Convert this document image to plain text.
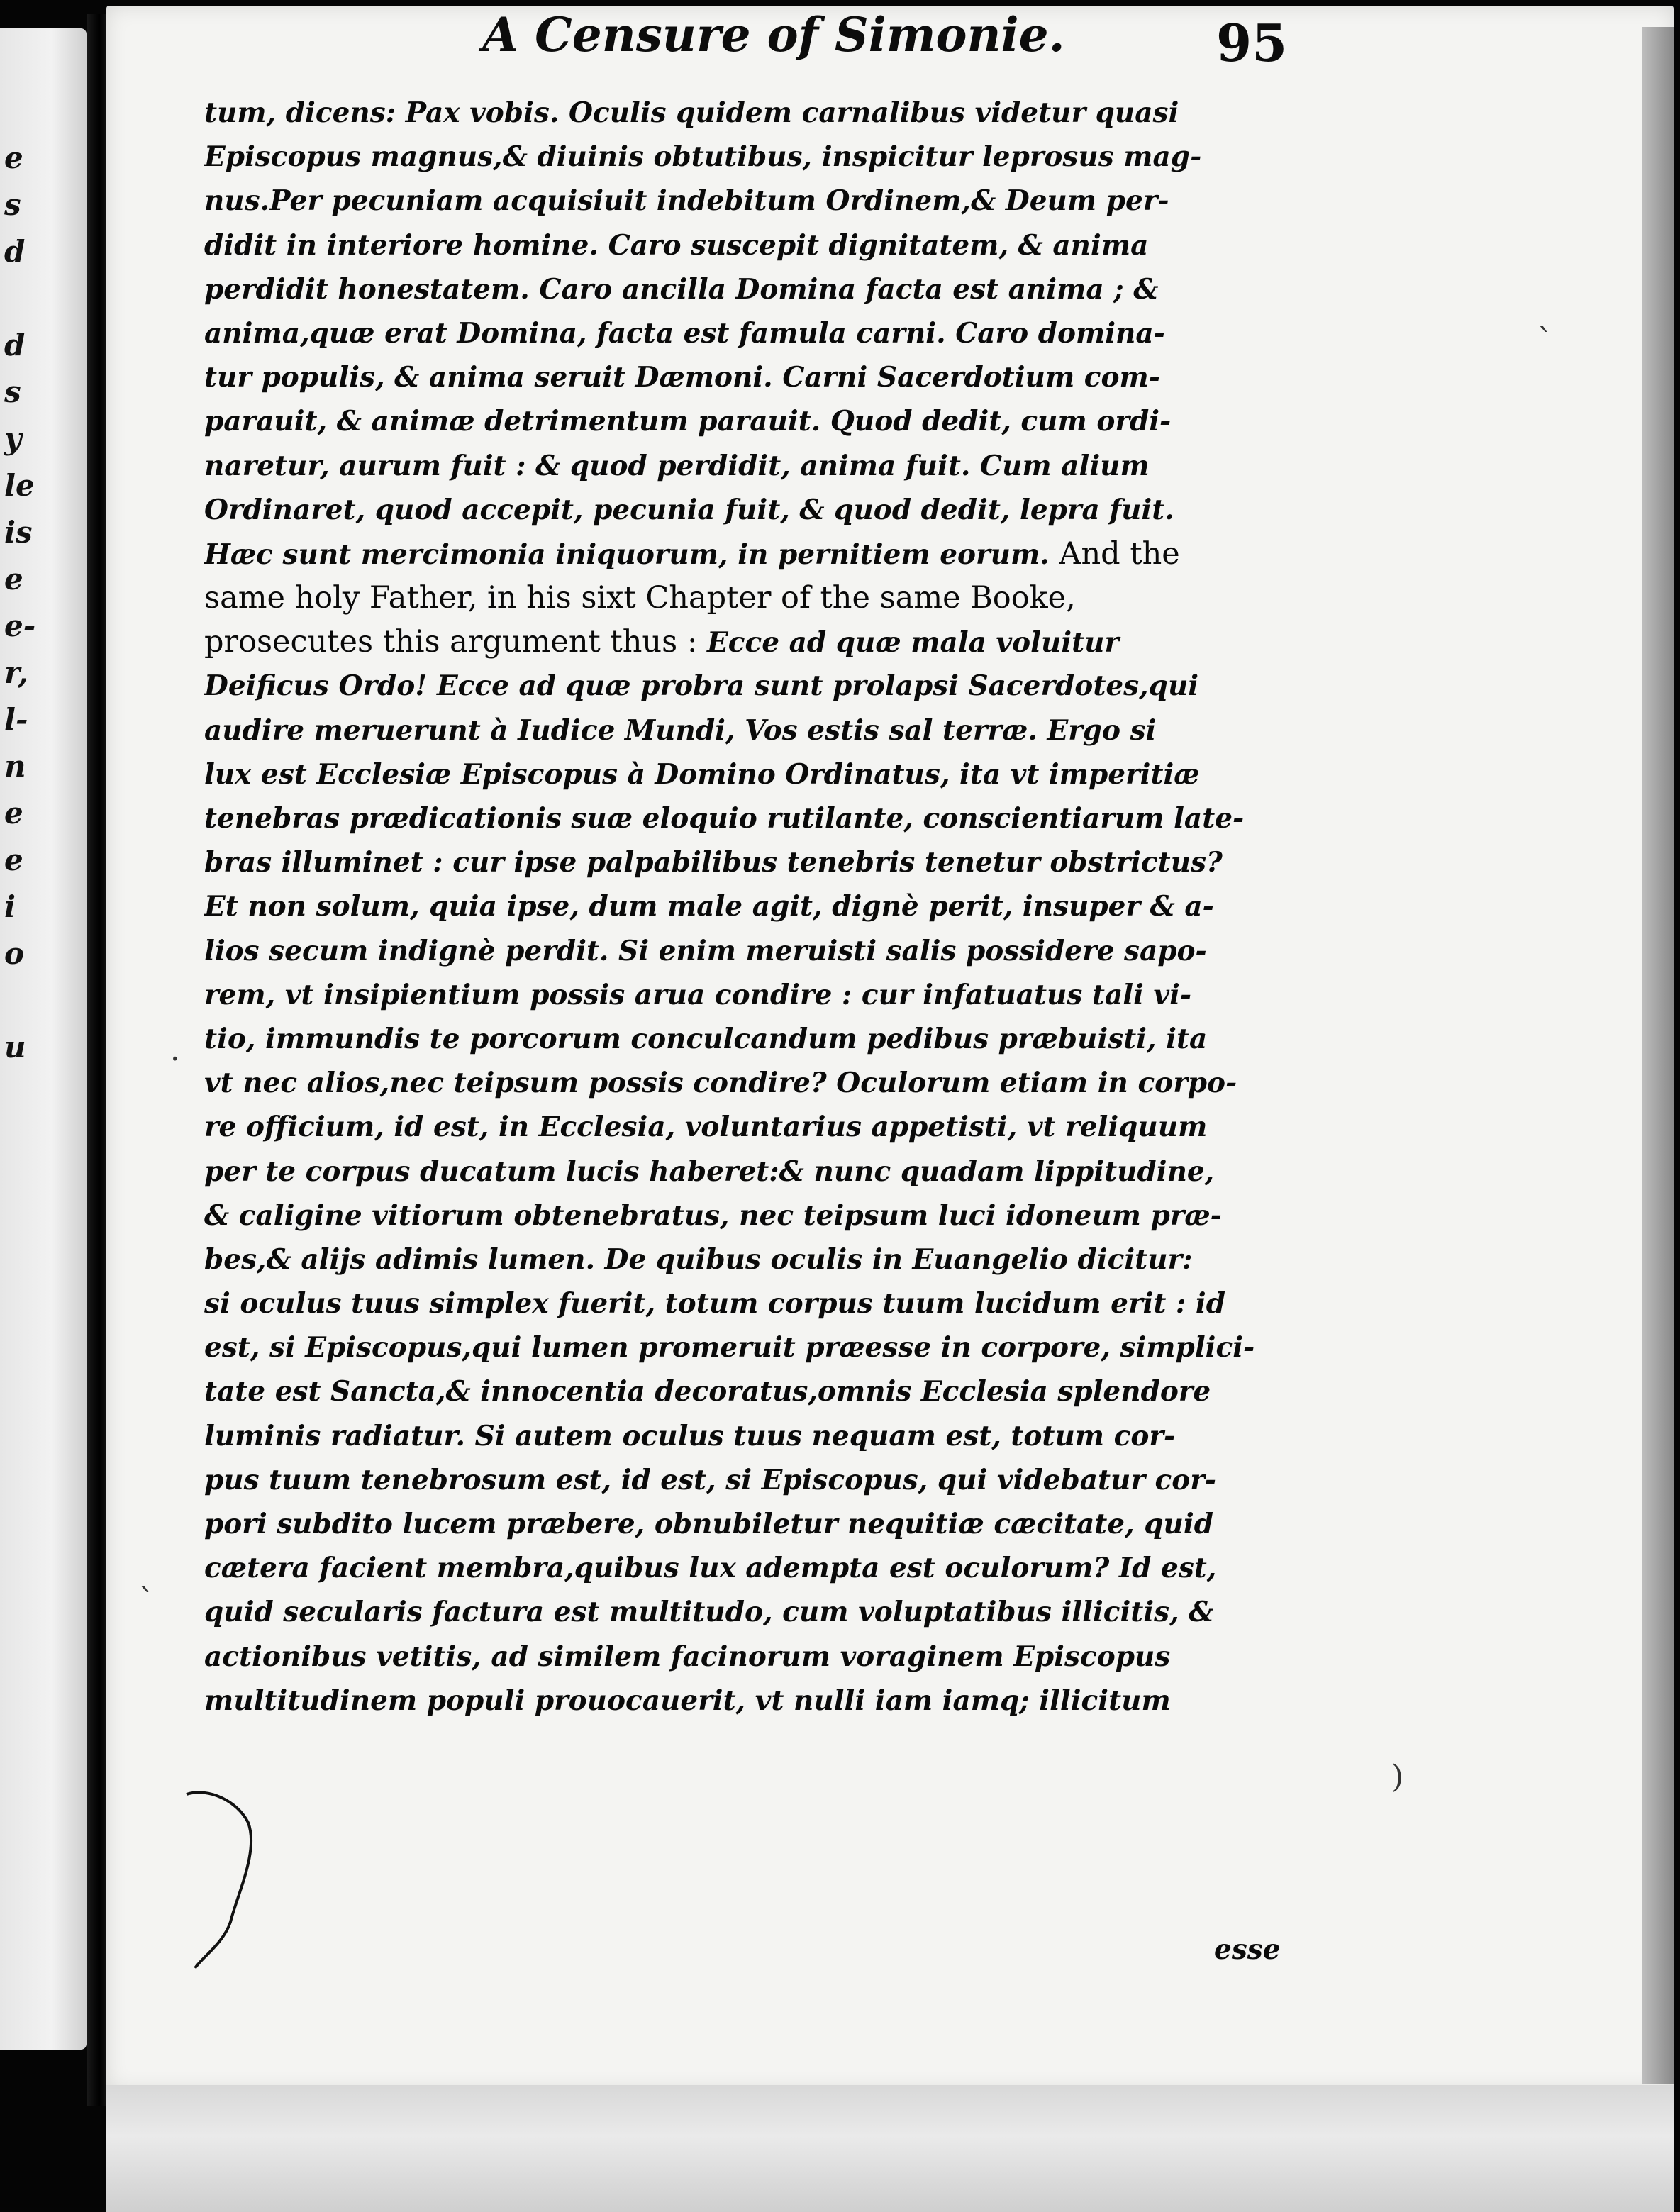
e
s
d
d
s
y
le
is
e
e-
r,
l-
n
e
e
i
o
u
A Censure of Simonie.	95
tum, dicens: Pax vobis. Oculis quidem carnalibus videtur quasi
Episcopus magnus,& diuinis obtutibus, inspicitur leprosus mag-
nus.Per pecuniam acquisiuit indebitum Ordinem,& Deum per-
didit in interiore homine. Caro suscepit dignitatem, & anima
perdidit honestatem. Caro ancilla Domina facta est anima ; &
anima,quæ erat Domina, facta est famula carni. Caro domina-
tur populis, & anima seruit Dæmoni. Carni Sacerdotium com-
parauit, & animæ detrimentum parauit. Quod dedit, cum ordi-
naretur, aurum fuit : & quod perdidit, anima fuit. Cum alium
Ordinaret, quod accepit, pecunia fuit, & quod dedit, lepra fuit.
Hæc sunt mercimonia iniquorum, in pernitiem eorum. And the
same holy Father, in his sixt Chapter of the same Booke,
prosecutes this argument thus : Ecce ad quæ mala voluitur
Deificus Ordo! Ecce ad quæ probra sunt prolapsi Sacerdotes,qui
audire meruerunt à Iudice Mundi, Vos estis sal terræ. Ergo si
lux est Ecclesiæ Episcopus à Domino Ordinatus, ita vt imperitiæ
tenebras prædicationis suæ eloquio rutilante, conscientiarum late-
bras illuminet : cur ipse palpabilibus tenebris tenetur obstrictus?
Et non solum, quia ipse, dum male agit, dignè perit, insuper & a-
lios secum indignè perdit. Si enim meruisti salis possidere sapo-
rem, vt insipientium possis arua condire : cur infatuatus tali vi-
tio, immundis te porcorum conculcandum pedibus præbuisti, ita
vt nec alios,nec teipsum possis condire? Oculorum etiam in corpo-
re officium, id est, in Ecclesia, voluntarius appetisti, vt reliquum
per te corpus ducatum lucis haberet:& nunc quadam lippitudine,
& caligine vitiorum obtenebratus, nec teipsum luci idoneum præ-
bes,& alijs adimis lumen. De quibus oculis in Euangelio dicitur:
si oculus tuus simplex fuerit, totum corpus tuum lucidum erit : id
est, si Episcopus,qui lumen promeruit præesse in corpore, simplici-
tate est Sancta,& innocentia decoratus,omnis Ecclesia splendore
luminis radiatur. Si autem oculus tuus nequam est, totum cor-
pus tuum tenebrosum est, id est, si Episcopus, qui videbatur cor-
pori subdito lucem præbere, obnubiletur nequitiæ cæcitate, quid
cætera facient membra,quibus lux adempta est oculorum? Id est,
quid secularis factura est multitudo, cum voluptatibus illicitis, &
actionibus vetitis, ad similem facinorum voraginem Episcopus
multitudinem populi prouocauerit, vt nulli iam iamq; illicitum
esse
ˋ
)
`
·
